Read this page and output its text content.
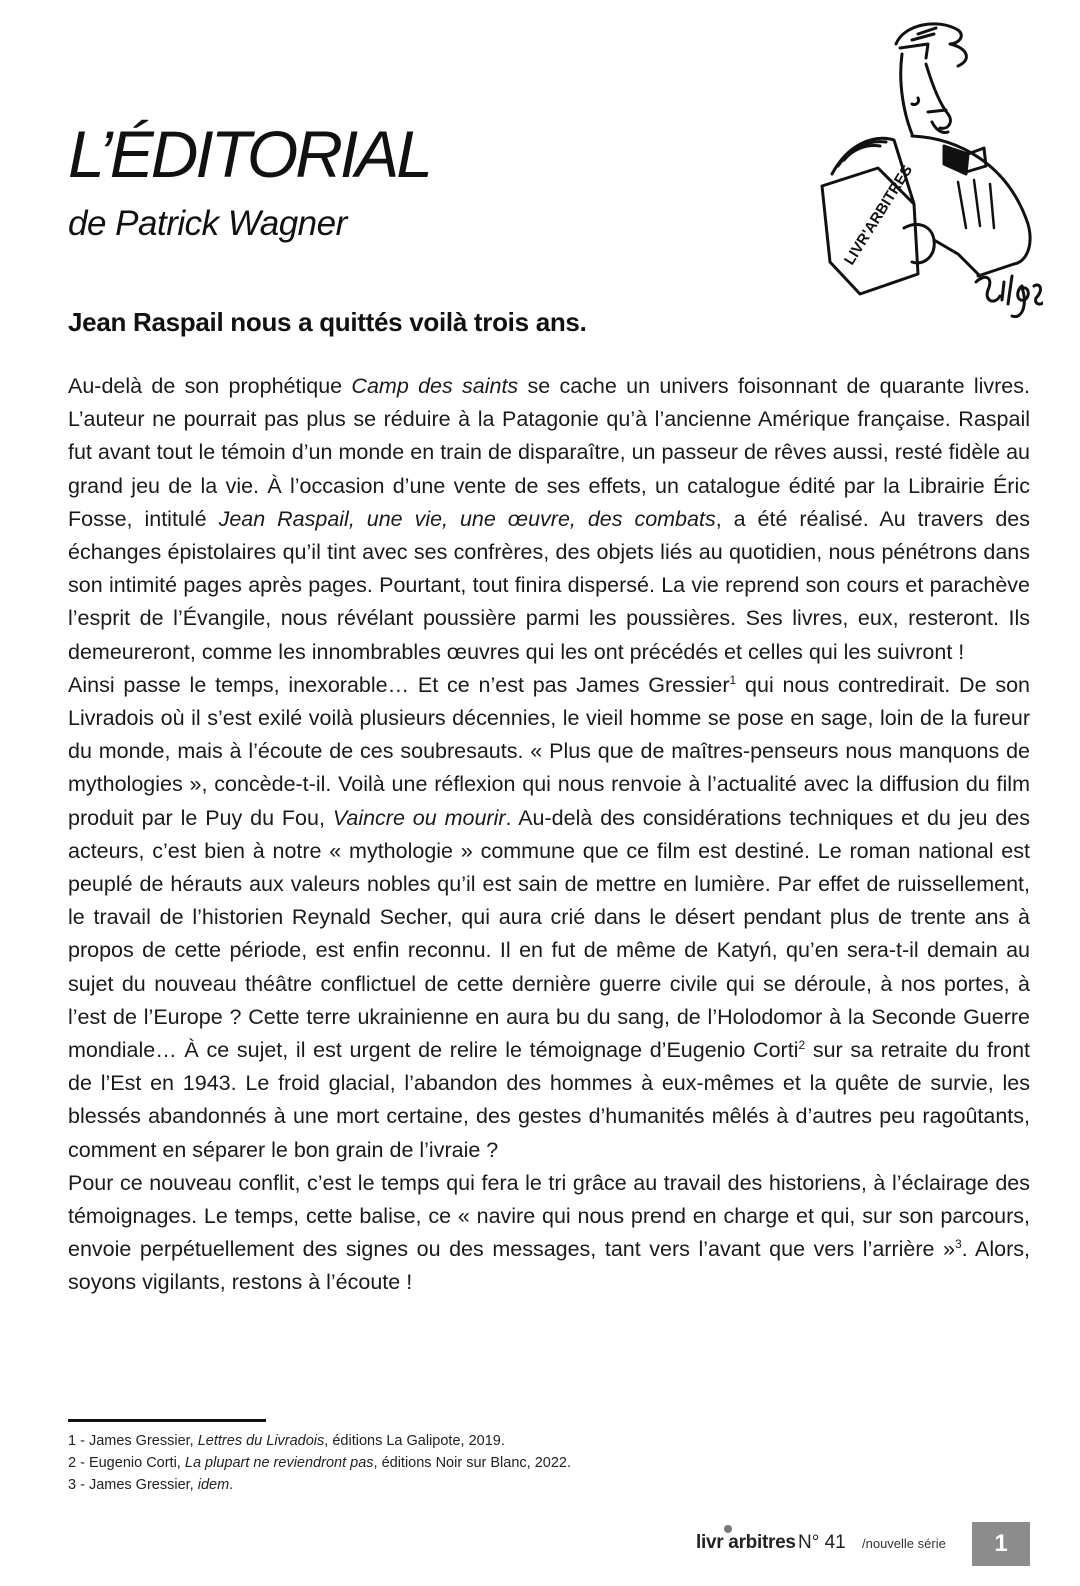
L’ÉDITORIAL
de Patrick Wagner	LIVR'ARBITRES
Jean Raspail nous a quittés voilà trois ans.

Au-delà de son prophétique Camp des saints se cache un univers foisonnant de quarante livres. L’auteur ne pourrait pas plus se réduire à la Patagonie qu’à l’ancienne Amérique française. Raspail fut avant tout le témoin d’un monde en train de disparaître, un passeur de rêves aussi, resté fidèle au grand jeu de la vie. À l’occasion d’une vente de ses effets, un catalogue édité par la Librairie Éric Fosse, intitulé Jean Raspail, une vie, une œuvre, des combats, a été réalisé. Au travers des échanges épistolaires qu’il tint avec ses confrères, des objets liés au quotidien, nous pénétrons dans son intimité pages après pages. Pourtant, tout finira dispersé. La vie reprend son cours et parachève l’esprit de l’Évangile, nous révélant poussière parmi les poussières. Ses livres, eux, resteront. Ils demeureront, comme les innombrables œuvres qui les ont précédés et celles qui les suivront !

Ainsi passe le temps, inexorable… Et ce n’est pas James Gressier$^1$ qui nous contredirait. De son Livradois où il s’est exilé voilà plusieurs décennies, le vieil homme se pose en sage, loin de la fureur du monde, mais à l’écoute de ces soubresauts. « Plus que de maîtres-penseurs nous manquons de mythologies », concède-t-il. Voilà une réflexion qui nous renvoie à l’actualité avec la diffusion du film produit par le Puy du Fou, Vaincre ou mourir. Au-delà des considérations techniques et du jeu des acteurs, c’est bien à notre « mythologie » commune que ce film est destiné. Le roman national est peuplé de hérauts aux valeurs nobles qu’il est sain de mettre en lumière. Par effet de ruissellement, le travail de l’historien Reynald Secher, qui aura crié dans le désert pendant plus de trente ans à propos de cette période, est enfin reconnu. Il en fut de même de Katyń, qu’en sera-t-il demain au sujet du nouveau théâtre conflictuel de cette dernière guerre civile qui se déroule, à nos portes, à l’est de l’Europe ? Cette terre ukrainienne en aura bu du sang, de l’Holodomor à la Seconde Guerre mondiale… À ce sujet, il est urgent de relire le témoignage d’Eugenio Corti$^2$ sur sa retraite du front de l’Est en 1943. Le froid glacial, l’abandon des hommes à eux-mêmes et la quête de survie, les blessés abandonnés à une mort certaine, des gestes d’humanités mêlés à d’autres peu ragoûtants, comment en séparer le bon grain de l’ivraie ?

Pour ce nouveau conflit, c’est le temps qui fera le tri grâce au travail des historiens, à l’éclairage des témoignages. Le temps, cette balise, ce « navire qui nous prend en charge et qui, sur son parcours, envoie perpétuellement des signes ou des messages, tant vers l’avant que vers l’arrière »$^3$. Alors, soyons vigilants, restons à l’écoute !

1 - James Gressier, Lettres du Livradois, éditions La Galipote, 2019.
2 - Eugenio Corti, La plupart ne reviendront pas, éditions Noir sur Blanc, 2022.
3 - James Gressier, idem.
livr arbitres N° 41 /nouvelle série 1
